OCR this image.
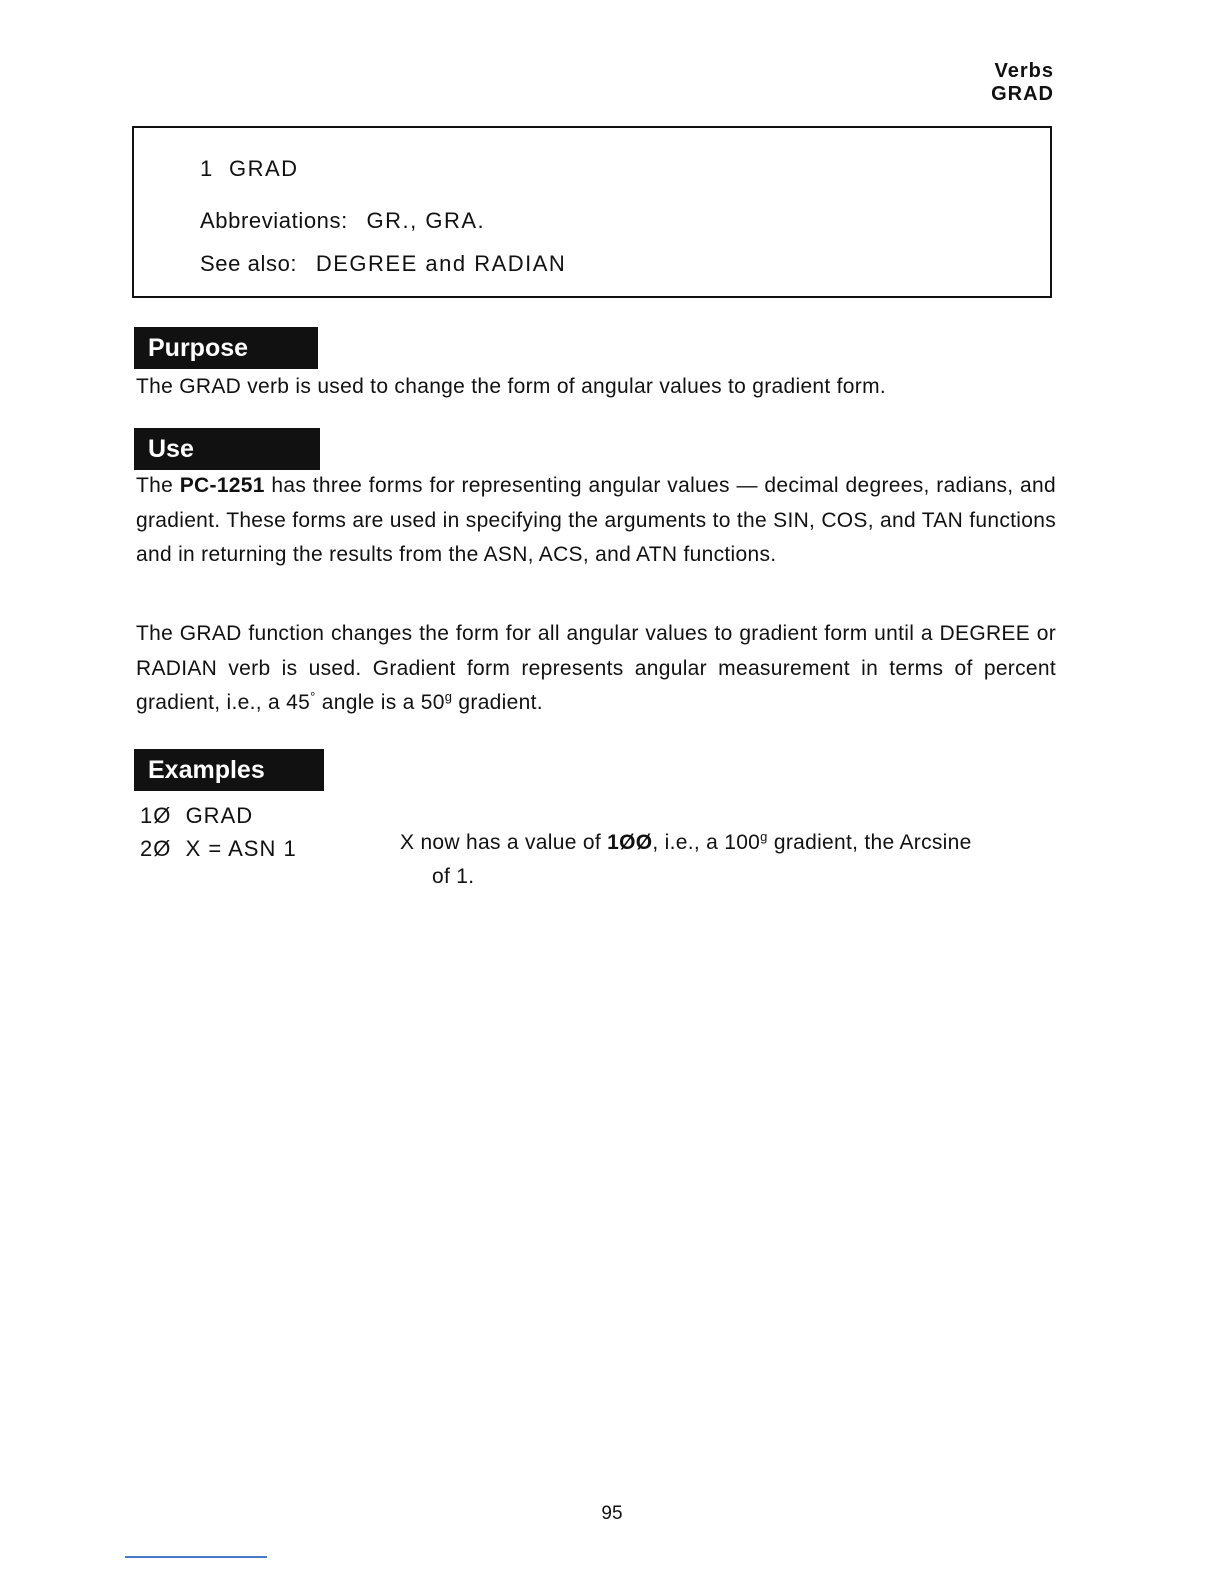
Verbs
GRAD
1  GRAD
Abbreviations: GR., GRA.
See also: DEGREE and RADIAN
Purpose
The GRAD verb is used to change the form of angular values to gradient form.
Use
The PC-1251 has three forms for representing angular values — decimal degrees, radians, and gradient. These forms are used in specifying the arguments to the SIN, COS, and TAN functions and in returning the results from the ASN, ACS, and ATN functions.
The GRAD function changes the form for all angular values to gradient form until a DEGREE or RADIAN verb is used. Gradient form represents angular measurement in terms of percent gradient, i.e., a 45° angle is a 50$^g$ gradient.
Examples
1Ø  GRAD
2Ø  X = ASN 1	X now has a value of 1ØØ, i.e., a 100$^g$ gradient, the Arcsine
of 1.
95
